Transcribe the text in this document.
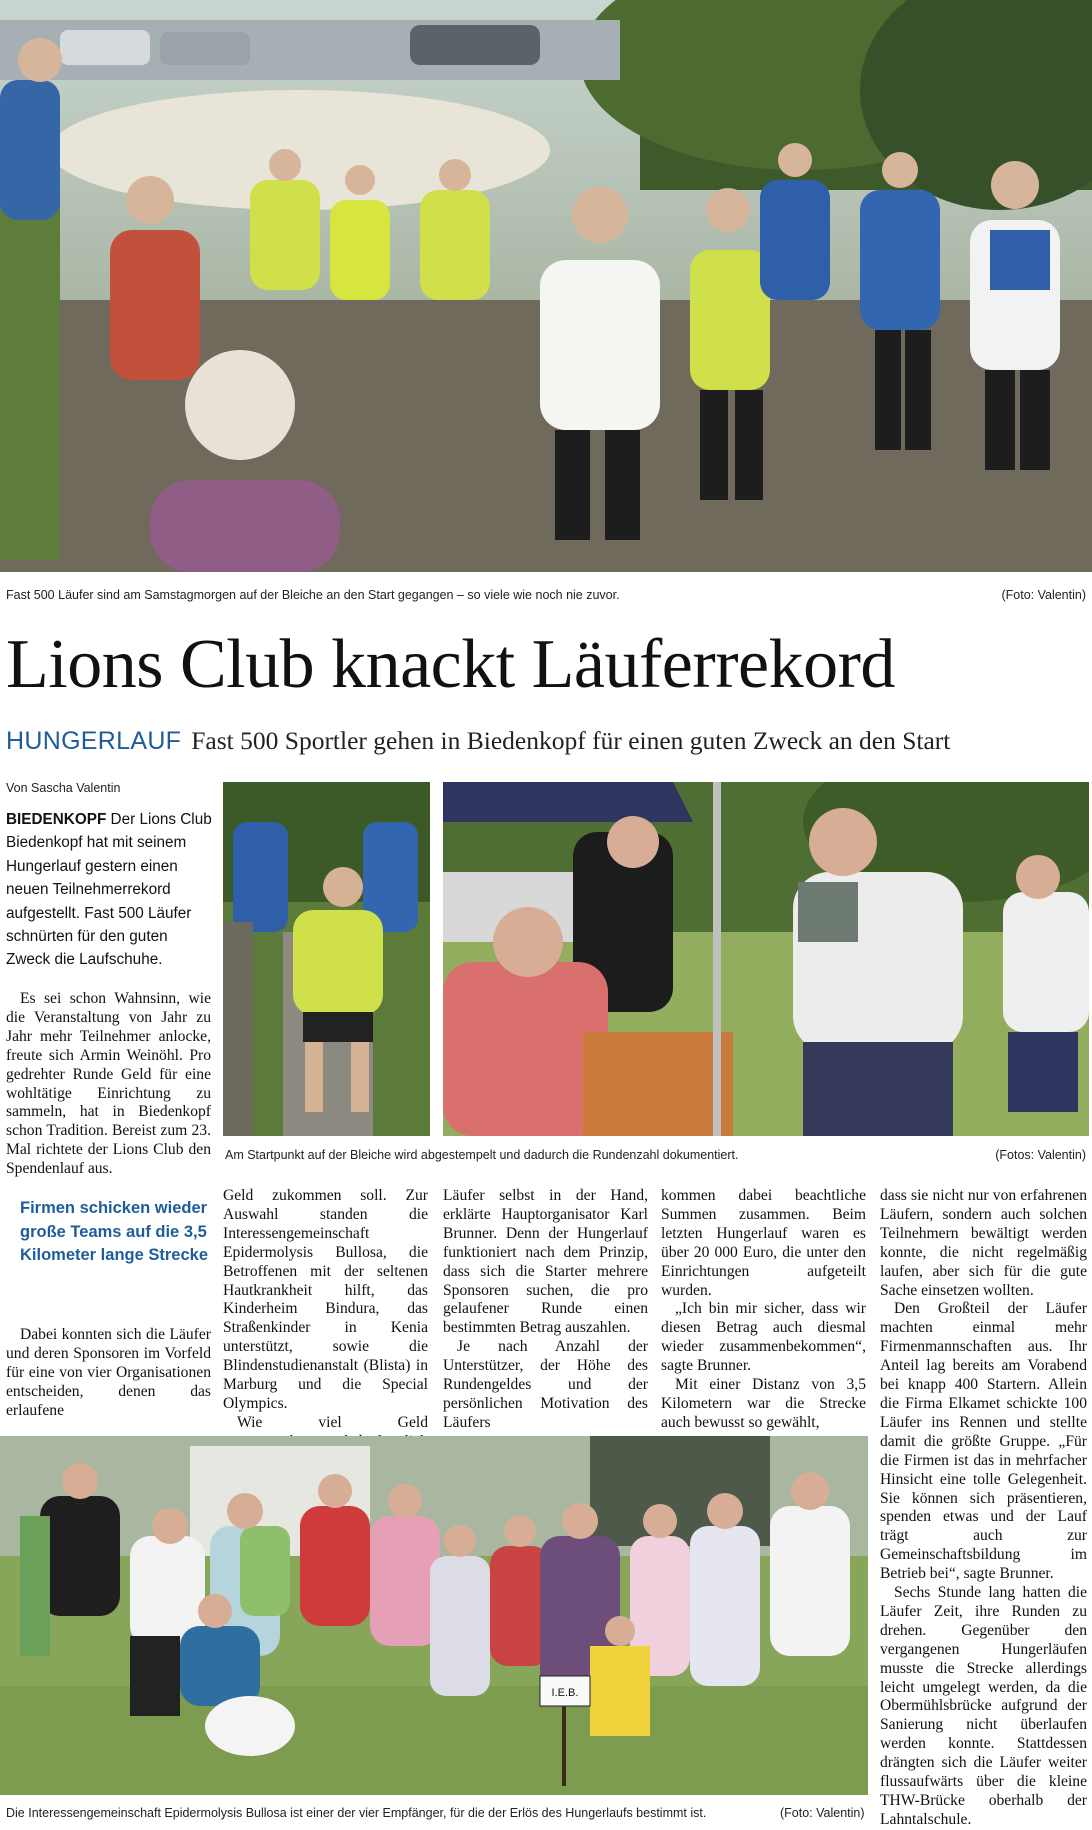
Fast 500 Läufer sind am Samstagmorgen auf der Bleiche an den Start gegangen – so viele wie noch nie zuvor.	(Foto: Valentin)
Lions Club knackt Läuferrekord
HUNGERLAUF Fast 500 Sportler gehen in Biedenkopf für einen guten Zweck an den Start
Von Sascha Valentin

BIEDENKOPF Der Lions Club Biedenkopf hat mit seinem Hungerlauf gestern einen neuen Teilnehmerrekord aufgestellt. Fast 500 Läufer schnürten für den guten Zweck die Laufschuhe.

Am Startpunkt auf der Bleiche wird abgestempelt und dadurch die Rundenzahl dokumentiert.	(Fotos: Valentin)

Es sei schon Wahnsinn, wie die Veranstaltung von Jahr zu Jahr mehr Teilnehmer anlocke, freute sich Armin Weinöhl. Pro gedrehter Runde Geld für eine wohltätige Einrichtung zu sammeln, hat in Biedenkopf schon Tradition. Bereist zum 23. Mal richtete der Lions Club den Spendenlauf aus.

Firmen schicken wieder große Teams auf die 3,5 Kilometer lange Strecke

Dabei konnten sich die Läufer und deren Sponsoren im Vorfeld für eine von vier Organisationen entscheiden, denen das erlaufene

Geld zukommen soll. Zur Auswahl standen die Interessengemeinschaft Epidermolysis Bullosa, die Betroffenen mit der seltenen Hautkrankheit hilft, das Kinderheim Bindura, das Straßenkinder in Kenia unterstützt, sowie die Blindenstudienanstalt (Blista) in Marburg und die Special Olympics.

Wie viel Geld

Läufer selbst in der Hand, erklärte Hauptorganisator Karl Brunner. Denn der Hungerlauf funktioniert nach dem Prinzip, dass sich die Starter mehrere Sponsoren suchen, die pro gelaufener Runde einen bestimmten Betrag auszahlen.

Je nach Anzahl der Unterstützer, der Höhe des Rundengeldes und der persönlichen Motivation des Läufers

kommen dabei beachtliche Summen zusammen. Beim letzten Hungerlauf waren es über 20 000 Euro, die unter den Einrichtungen aufgeteilt wurden.

„Ich bin mir sicher, dass wir diesen Betrag auch diesmal wieder zusammenbekommen“, sagte Brunner.

Mit einer Distanz von 3,5 Kilometern war die Strecke auch bewusst so gewählt,

dass sie nicht nur von erfahrenen Läufern, sondern auch solchen Teilnehmern bewältigt werden konnte, die nicht regelmäßig laufen, aber sich für die gute Sache einsetzen wollten.

Den Großteil der Läufer machten einmal mehr Firmenmannschaften aus. Ihr Anteil lag bereits am Vorabend bei knapp 400 Startern. Allein die Firma Elkamet schickte 100 Läufer ins Rennen und stellte damit die größte Gruppe. „Für die Firmen ist das in mehrfacher Hinsicht eine tolle Gelegenheit. Sie können sich präsentieren, spenden etwas und der Lauf trägt auch zur Gemeinschaftsbildung im Betrieb bei“, sagte Brunner.

Sechs Stunde lang hatten die Läufer Zeit, ihre Runden zu drehen. Gegenüber den vergangenen Hungerläufen musste die Strecke allerdings leicht umgelegt werden, da die Obermühlsbrücke aufgrund der Sanierung nicht überlaufen werden konnte. Stattdessen drängten sich die Läufer weiter flussaufwärts über die kleine THW-Brücke oberhalb der Lahntalschule.

I.E.B.
Die Interessengemeinschaft Epidermolysis Bullosa ist einer der vier Empfänger, für die der Erlös des Hungerlaufs bestimmt ist.	(Foto: Valentin)
